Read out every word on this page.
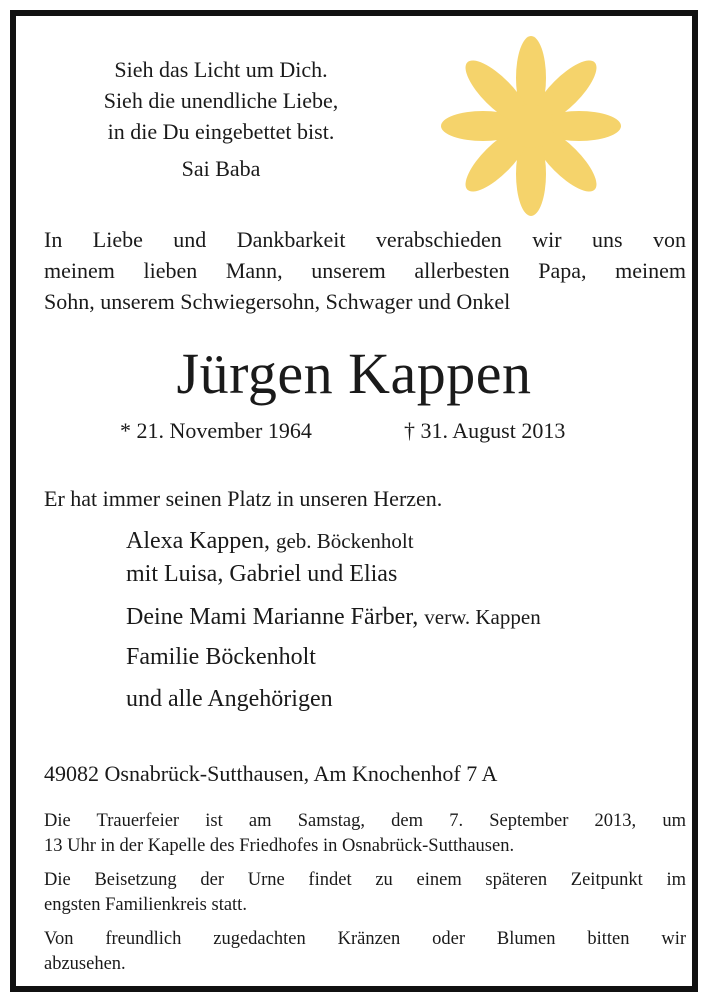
Sieh das Licht um Dich.
Sieh die unendliche Liebe,
in die Du eingebettet bist.
Sai Baba
In Liebe und Dankbarkeit verabschieden wir uns von
meinem lieben Mann, unserem allerbesten Papa, meinem
Sohn, unserem Schwiegersohn, Schwager und Onkel
Jürgen Kappen
* 21. November 1964	† 31. August 2013
Er hat immer seinen Platz in unseren Herzen.
Alexa Kappen, geb. Böckenholt
mit Luisa, Gabriel und Elias
Deine Mami Marianne Färber, verw. Kappen
Familie Böckenholt
und alle Angehörigen
49082 Osnabrück-Sutthausen, Am Knochenhof 7 A
Die Trauerfeier ist am Samstag, dem 7. September 2013, um
13 Uhr in der Kapelle des Friedhofes in Osnabrück-Sutthausen.
Die Beisetzung der Urne findet zu einem späteren Zeitpunkt im
engsten Familienkreis statt.
Von freundlich zugedachten Kränzen oder Blumen bitten wir
abzusehen.
